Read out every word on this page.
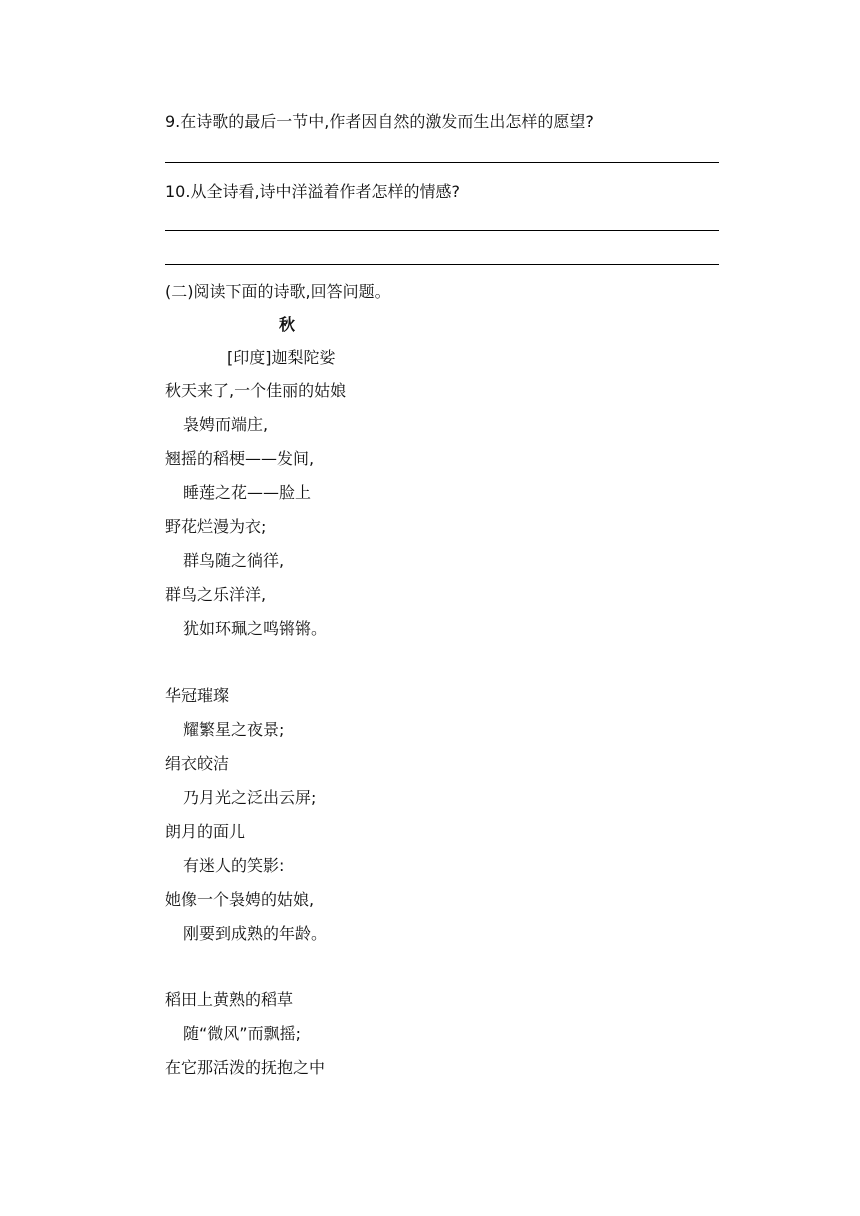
9.在诗歌的最后一节中,作者因自然的激发而生出怎样的愿望?
10.从全诗看,诗中洋溢着作者怎样的情感?
(二)阅读下面的诗歌,回答问题。
秋
[印度]迦梨陀娑
秋天来了,一个佳丽的姑娘
袅娉而端庄,
翘摇的稻梗——发间,
睡莲之花——脸上
野花烂漫为衣;
群鸟随之徜徉,
群鸟之乐洋洋,
犹如环珮之鸣锵锵。
华冠璀璨
耀繁星之夜景;
绢衣皎洁
乃月光之泛出云屏;
朗月的面儿
有迷人的笑影:
她像一个袅娉的姑娘,
刚要到成熟的年龄。
稻田上黄熟的稻草
随“微风”而飘摇;
在它那活泼的抚抱之中
